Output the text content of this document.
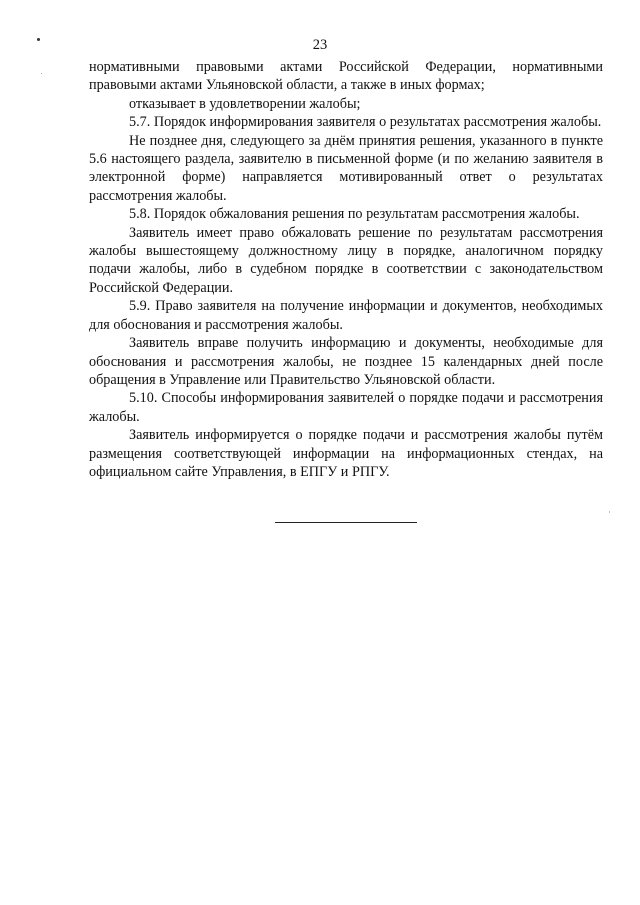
23

нормативными правовыми актами Российской Федерации, нормативными правовыми актами Ульяновской области, а также в иных формах;

отказывает в удовлетворении жалобы;

5.7. Порядок информирования заявителя о результатах рассмотрения жалобы.

Не позднее дня, следующего за днём принятия решения, указанного в пункте 5.6 настоящего раздела, заявителю в письменной форме (и по желанию заявителя в электронной форме) направляется мотивированный ответ о результатах рассмотрения жалобы.

5.8. Порядок обжалования решения по результатам рассмотрения жалобы.

Заявитель имеет право обжаловать решение по результатам рассмотрения жалобы вышестоящему должностному лицу в порядке, аналогичном порядку подачи жалобы, либо в судебном порядке в соответствии с законодательством Российской Федерации.

5.9. Право заявителя на получение информации и документов, необходимых для обоснования и рассмотрения жалобы.

Заявитель вправе получить информацию и документы, необходимые для обоснования и рассмотрения жалобы, не позднее 15 календарных дней после обращения в Управление или Правительство Ульяновской области.

5.10. Способы информирования заявителей о порядке подачи и рассмотрения жалобы.

Заявитель информируется о порядке подачи и рассмотрения жалобы путём размещения соответствующей информации на информационных стендах, на официальном сайте Управления, в ЕПГУ и РПГУ.
